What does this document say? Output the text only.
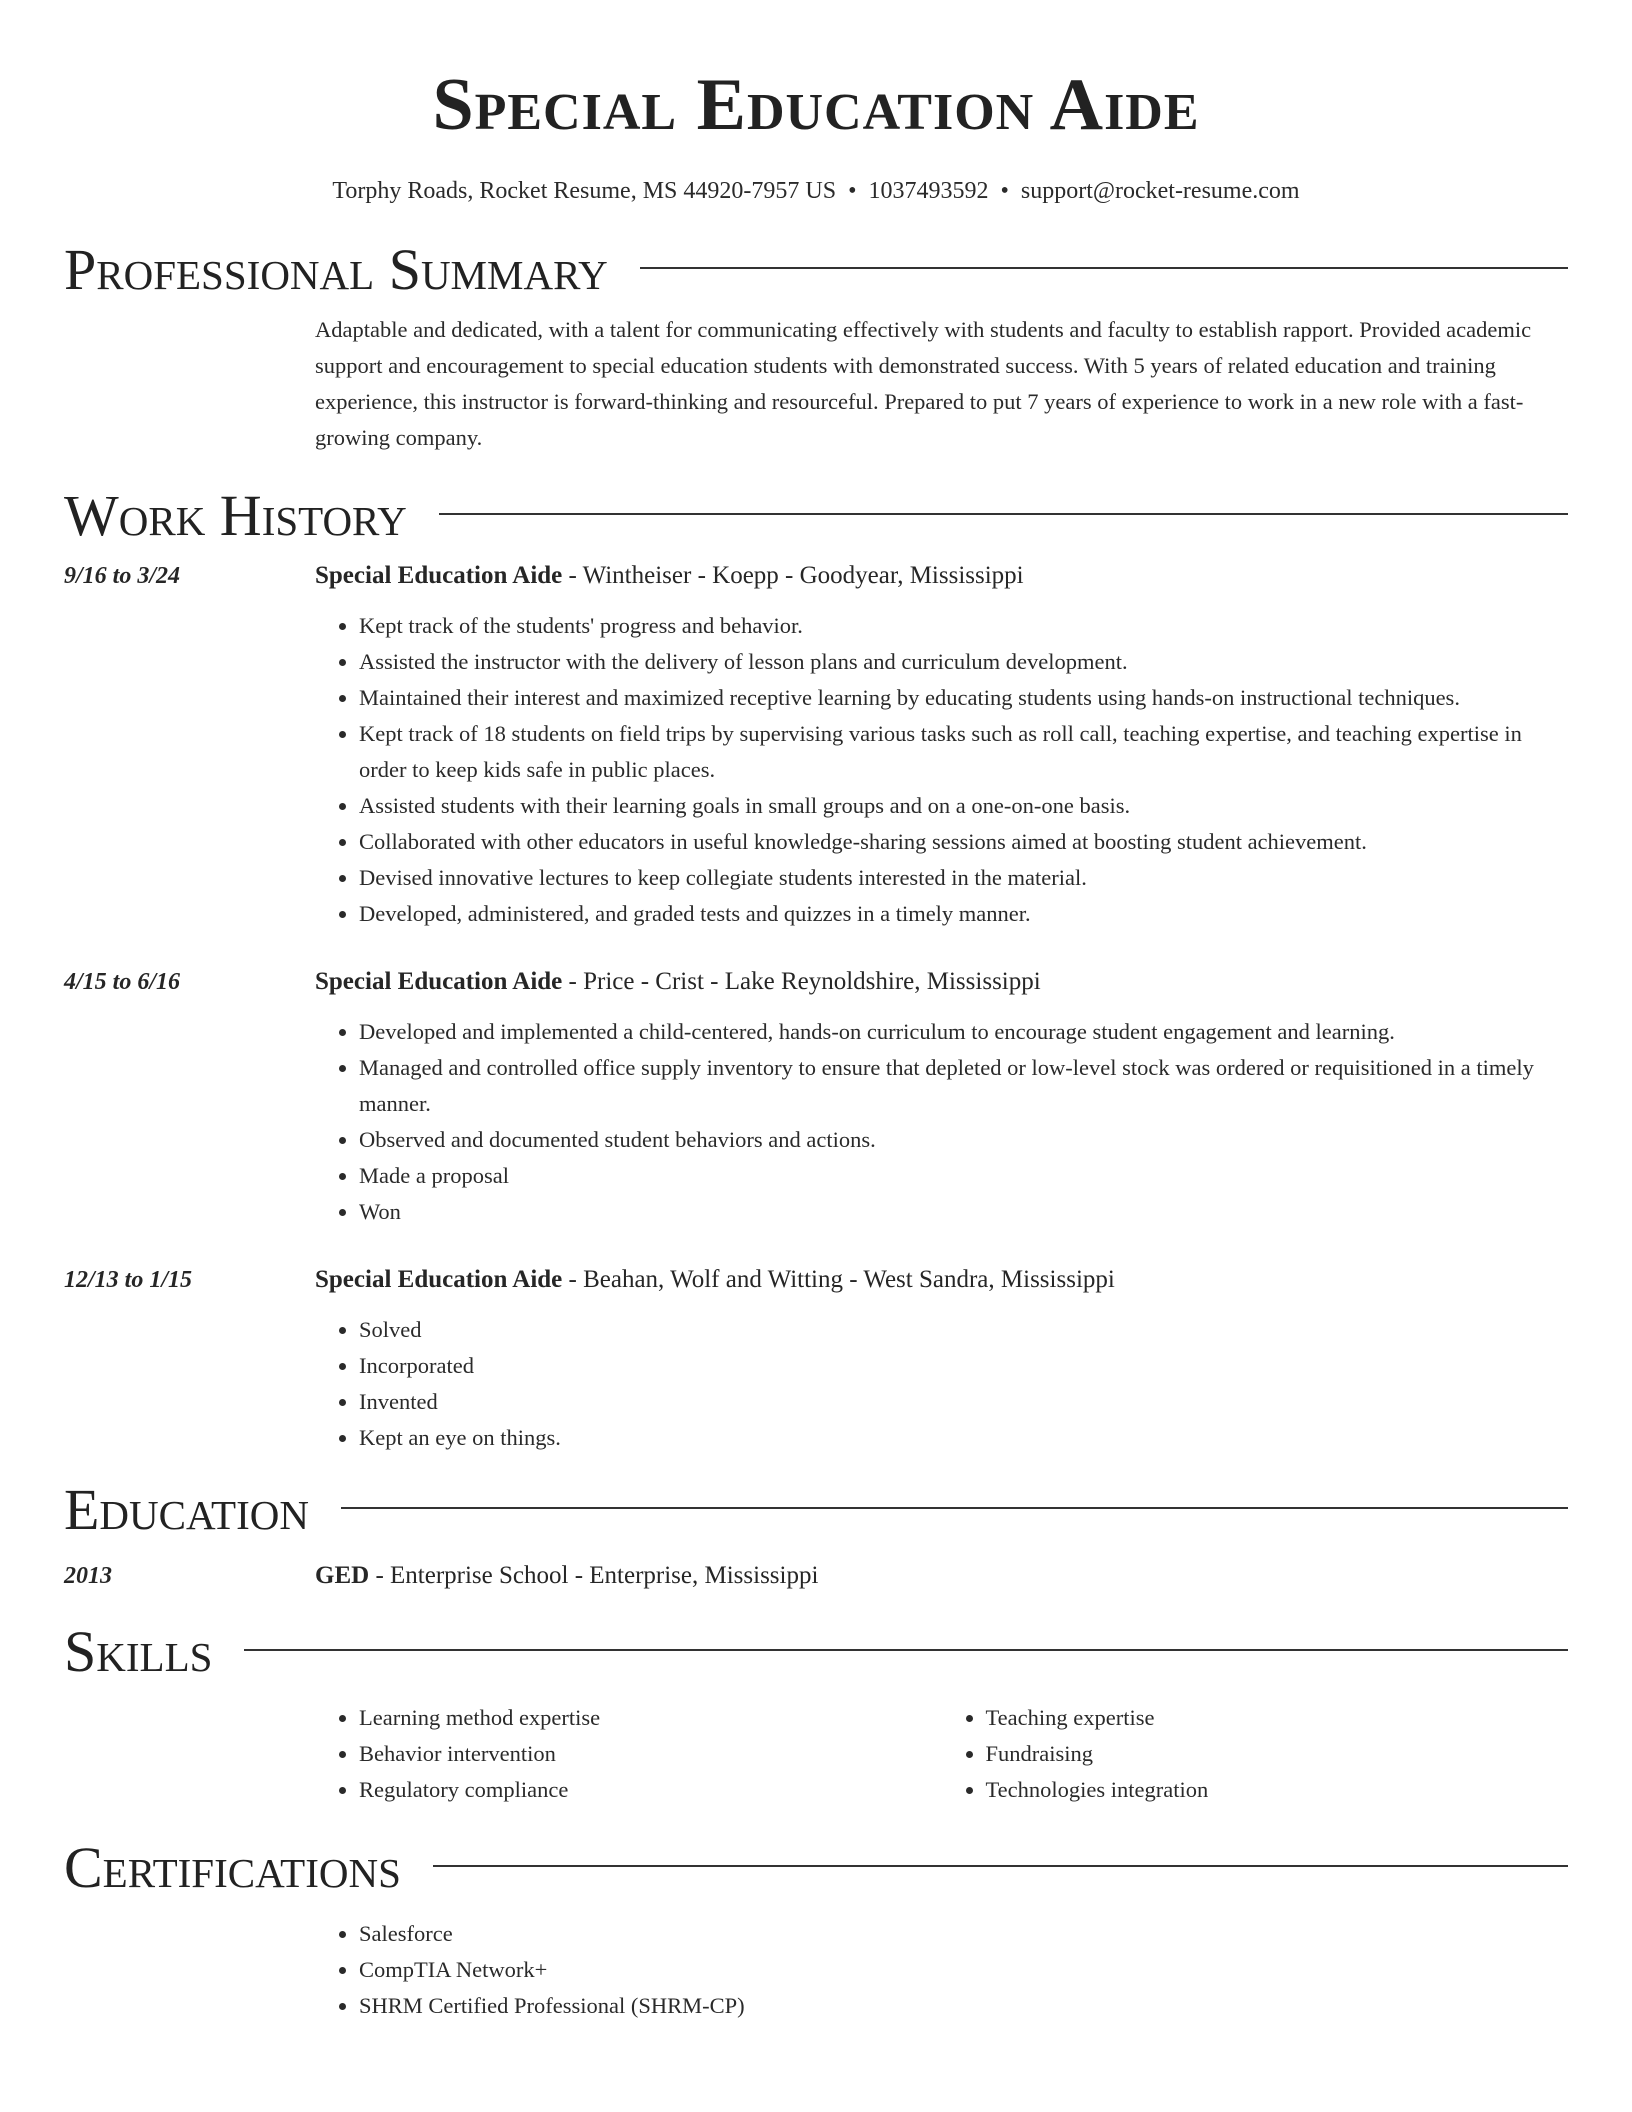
Special Education Aide
Torphy Roads, Rocket Resume, MS 44920-7957 US • 1037493592 • support@rocket-resume.com
Professional Summary
Adaptable and dedicated, with a talent for communicating effectively with students and faculty to establish rapport. Provided academic support and encouragement to special education students with demonstrated success. With 5 years of related education and training experience, this instructor is forward-thinking and resourceful. Prepared to put 7 years of experience to work in a new role with a fast-growing company.
Work History
9/16 to 3/24	Special Education Aide - Wintheiser - Koepp - Goodyear, Mississippi
• Kept track of the students' progress and behavior.
• Assisted the instructor with the delivery of lesson plans and curriculum development.
• Maintained their interest and maximized receptive learning by educating students using hands-on instructional techniques.
• Kept track of 18 students on field trips by supervising various tasks such as roll call, teaching expertise, and teaching expertise in order to keep kids safe in public places.
• Assisted students with their learning goals in small groups and on a one-on-one basis.
• Collaborated with other educators in useful knowledge-sharing sessions aimed at boosting student achievement.
• Devised innovative lectures to keep collegiate students interested in the material.
• Developed, administered, and graded tests and quizzes in a timely manner.
4/15 to 6/16	Special Education Aide - Price - Crist - Lake Reynoldshire, Mississippi
• Developed and implemented a child-centered, hands-on curriculum to encourage student engagement and learning.
• Managed and controlled office supply inventory to ensure that depleted or low-level stock was ordered or requisitioned in a timely manner.
• Observed and documented student behaviors and actions.
• Made a proposal
• Won
12/13 to 1/15	Special Education Aide - Beahan, Wolf and Witting - West Sandra, Mississippi
• Solved
• Incorporated
• Invented
• Kept an eye on things.
Education
2013	GED - Enterprise School - Enterprise, Mississippi
Skills
• Learning method expertise
• Behavior intervention
• Regulatory compliance
• Teaching expertise
• Fundraising
• Technologies integration
Certifications
• Salesforce
• CompTIA Network+
• SHRM Certified Professional (SHRM-CP)
